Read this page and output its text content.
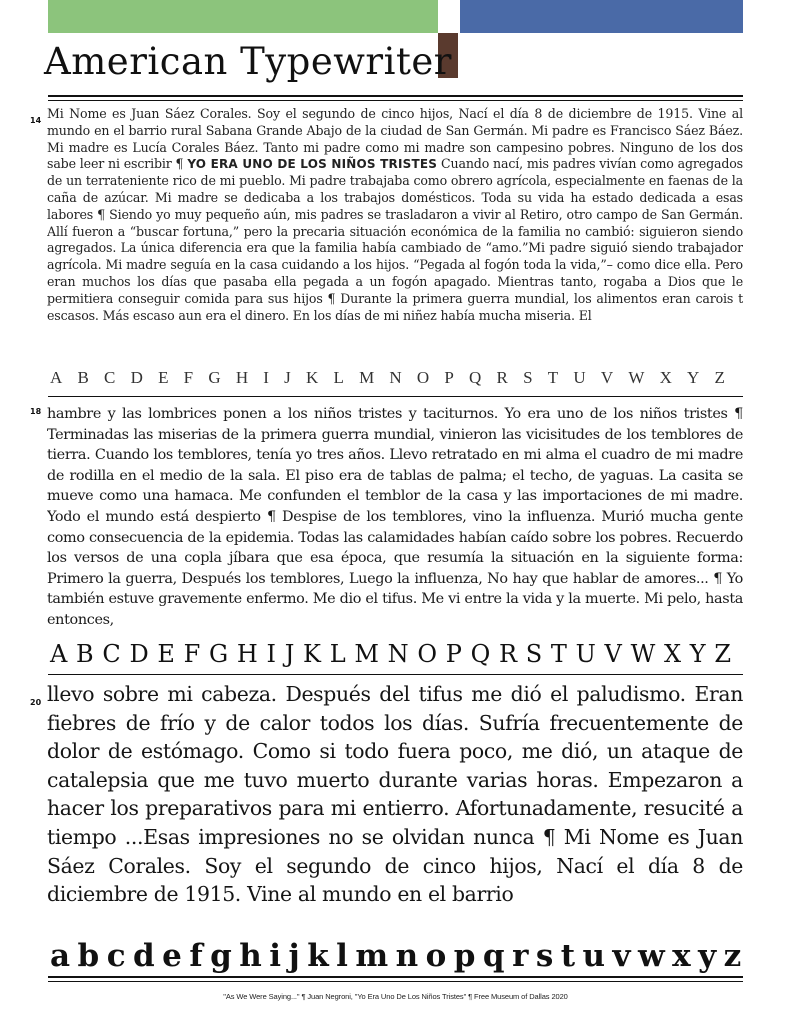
American Typewriter
14 Mi Nome es Juan Sáez Corales. Soy el segundo de cinco hijos, Nací el día 8 de diciembre de 1915. Vine al mundo en el barrio rural Sabana Grande Abajo de la ciudad de San Germán. Mi padre es Francisco Sáez Báez. Mi madre es Lucía Corales Báez. Tanto mi padre como mi madre son campesino pobres. Ninguno de los dos sabe leer ni escribir ¶ YO ERA UNO DE LOS NIÑOS TRISTES Cuando nací, mis padres vivían como agregados de un terrateniente rico de mi pueblo. Mi padre trabajaba como obrero agrícola, especialmente en faenas de la caña de azúcar. Mi madre se dedicaba a los trabajos domésticos. Toda su vida ha estado dedicada a esas labores ¶ Siendo yo muy pequeño aún, mis padres se trasladaron a vivir al Retiro, otro campo de San Germán. Allí fueron a “buscar fortuna,” pero la precaria situación económica de la familia no cambió: siguieron siendo agregados. La única diferencia era que la familia había cambiado de “amo.”Mi padre siguió siendo trabajador agrícola. Mi madre seguía en la casa cuidando a los hijos. “Pegada al fogón toda la vida,”– como dice ella. Pero eran muchos los días que pasaba ella pegada a un fogón apagado. Mientras tanto, rogaba a Dios que le permitiera conseguir comida para sus hijos ¶ Durante la primera guerra mundial, los alimentos eran carois t escasos. Más escaso aun era el dinero. En los días de mi niñez había mucha miseria. El
A B C D E F G H I J K L M N O P Q R S T U V W X Y Z
18 hambre y las lombrices ponen a los niños tristes y taciturnos. Yo era uno de los niños tristes ¶ Terminadas las miserias de la primera guerra mundial, vinieron las vicisitudes de los temblores de tierra. Cuando los temblores, tenía yo tres años. Llevo retratado en mi alma el cuadro de mi madre de rodilla en el medio de la sala. El piso era de tablas de palma; el techo, de yaguas. La casita se mueve como una hamaca. Me confunden el temblor de la casa y las importaciones de mi madre. Yodo el mundo está despierto ¶ Despise de los temblores, vino la influenza. Murió mucha gente como consecuencia de la epidemia. Todas las calamidades habían caído sobre los pobres. Recuerdo los versos de una copla jíbara que esa época, que resumía la situación en la siguiente forma: Primero la guerra, Después los temblores, Luego la influenza, No hay que hablar de amores... ¶ Yo también estuve gravemente enfermo. Me dio el tifus. Me vi entre la vida y la muerte. Mi pelo, hasta entonces,
A B C D E F G H I J K L M N O P Q R S T U V W X Y Z
20 llevo sobre mi cabeza. Después del tifus me dió el paludismo. Eran fiebres de frío y de calor todos los días. Sufría frecuentemente de dolor de estómago. Como si todo fuera poco, me dió, un ataque de catalepsia que me tuvo muerto durante varias horas. Empezaron a hacer los preparativos para mi entierro. Afortunadamente, resucité a tiempo ...Esas impresiones no se olvidan nunca ¶ Mi Nome es Juan Sáez Corales. Soy el segundo de cinco hijos, Nací el día 8 de diciembre de 1915. Vine al mundo en el barrio
a b c d e f g h i j k l m n o p q r s t u v w x y z
"As We Were Saying..." ¶ Juan Negroni, "Yo Era Uno De Los Niños Tristes" ¶ Free Museum of Dallas 2020
